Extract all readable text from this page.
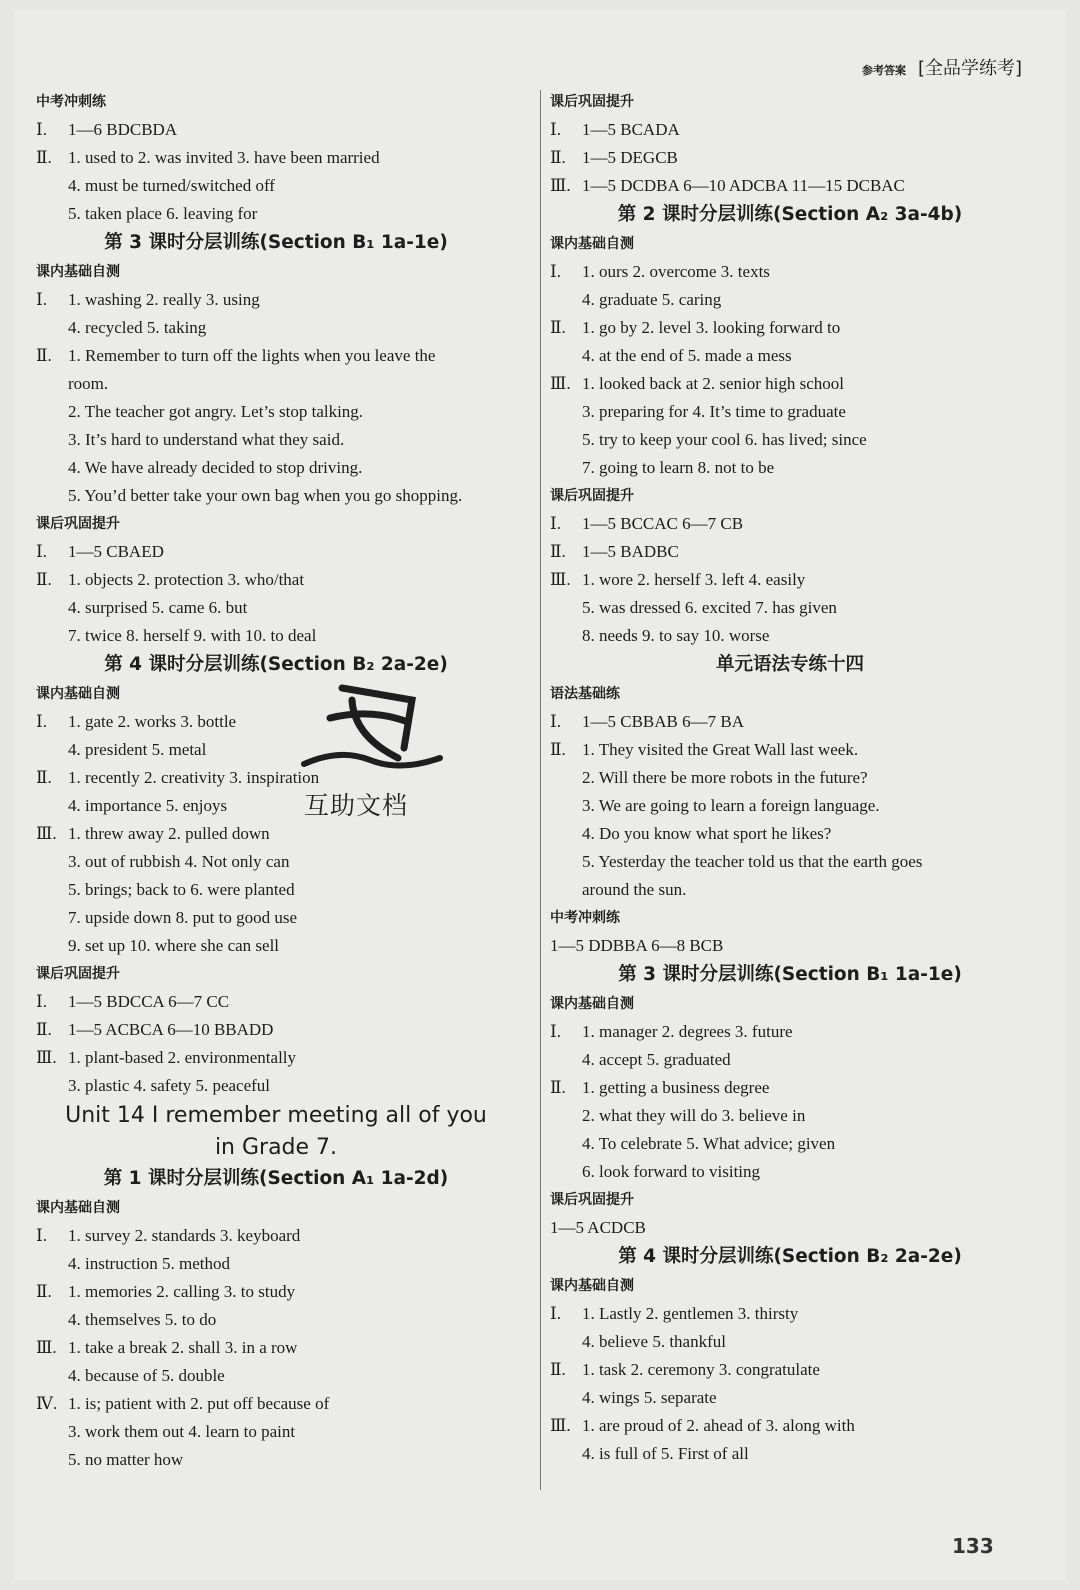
参考答案 [全品学练考]
中考冲刺练
Ⅰ. 1—6 BDCBDA
Ⅱ. 1. used to 2. was invited 3. have been married
4. must be turned/switched off
5. taken place 6. leaving for
第 3 课时分层训练(Section B₁ 1a-1e)
课内基础自测
Ⅰ. 1. washing 2. really 3. using
4. recycled 5. taking
Ⅱ. 1. Remember to turn off the lights when you leave the
room.
2. The teacher got angry. Let’s stop talking.
3. It’s hard to understand what they said.
4. We have already decided to stop driving.
5. You’d better take your own bag when you go shopping.
课后巩固提升
Ⅰ. 1—5 CBAED
Ⅱ. 1. objects 2. protection 3. who/that
4. surprised 5. came 6. but
7. twice 8. herself 9. with 10. to deal
第 4 课时分层训练(Section B₂ 2a-2e)
课内基础自测
Ⅰ. 1. gate 2. works 3. bottle
4. president 5. metal
Ⅱ. 1. recently 2. creativity 3. inspiration
4. importance 5. enjoys
Ⅲ. 1. threw away 2. pulled down
3. out of rubbish 4. Not only can
5. brings; back to 6. were planted
7. upside down 8. put to good use
9. set up 10. where she can sell
课后巩固提升
Ⅰ. 1—5 BDCCA 6—7 CC
Ⅱ. 1—5 ACBCA 6—10 BBADD
Ⅲ. 1. plant-based 2. environmentally
3. plastic 4. safety 5. peaceful
Unit 14 I remember meeting all of you
in Grade 7.
第 1 课时分层训练(Section A₁ 1a-2d)
课内基础自测
Ⅰ. 1. survey 2. standards 3. keyboard
4. instruction 5. method
Ⅱ. 1. memories 2. calling 3. to study
4. themselves 5. to do
Ⅲ. 1. take a break 2. shall 3. in a row
4. because of 5. double
Ⅳ. 1. is; patient with 2. put off because of
3. work them out 4. learn to paint
5. no matter how
课后巩固提升
Ⅰ. 1—5 BCADA
Ⅱ. 1—5 DEGCB
Ⅲ. 1—5 DCDBA 6—10 ADCBA 11—15 DCBAC
第 2 课时分层训练(Section A₂ 3a-4b)
课内基础自测
Ⅰ. 1. ours 2. overcome 3. texts
4. graduate 5. caring
Ⅱ. 1. go by 2. level 3. looking forward to
4. at the end of 5. made a mess
Ⅲ. 1. looked back at 2. senior high school
3. preparing for 4. It’s time to graduate
5. try to keep your cool 6. has lived; since
7. going to learn 8. not to be
课后巩固提升
Ⅰ. 1—5 BCCAC 6—7 CB
Ⅱ. 1—5 BADBC
Ⅲ. 1. wore 2. herself 3. left 4. easily
5. was dressed 6. excited 7. has given
8. needs 9. to say 10. worse
单元语法专练十四
语法基础练
Ⅰ. 1—5 CBBAB 6—7 BA
Ⅱ. 1. They visited the Great Wall last week.
2. Will there be more robots in the future?
3. We are going to learn a foreign language.
4. Do you know what sport he likes?
5. Yesterday the teacher told us that the earth goes
around the sun.
中考冲刺练
1—5 DDBBA 6—8 BCB
第 3 课时分层训练(Section B₁ 1a-1e)
课内基础自测
Ⅰ. 1. manager 2. degrees 3. future
4. accept 5. graduated
Ⅱ. 1. getting a business degree
2. what they will do 3. believe in
4. To celebrate 5. What advice; given
6. look forward to visiting
课后巩固提升
1—5 ACDCB
第 4 课时分层训练(Section B₂ 2a-2e)
课内基础自测
Ⅰ. 1. Lastly 2. gentlemen 3. thirsty
4. believe 5. thankful
Ⅱ. 1. task 2. ceremony 3. congratulate
4. wings 5. separate
Ⅲ. 1. are proud of 2. ahead of 3. along with
4. is full of 5. First of all
互助文档
133
